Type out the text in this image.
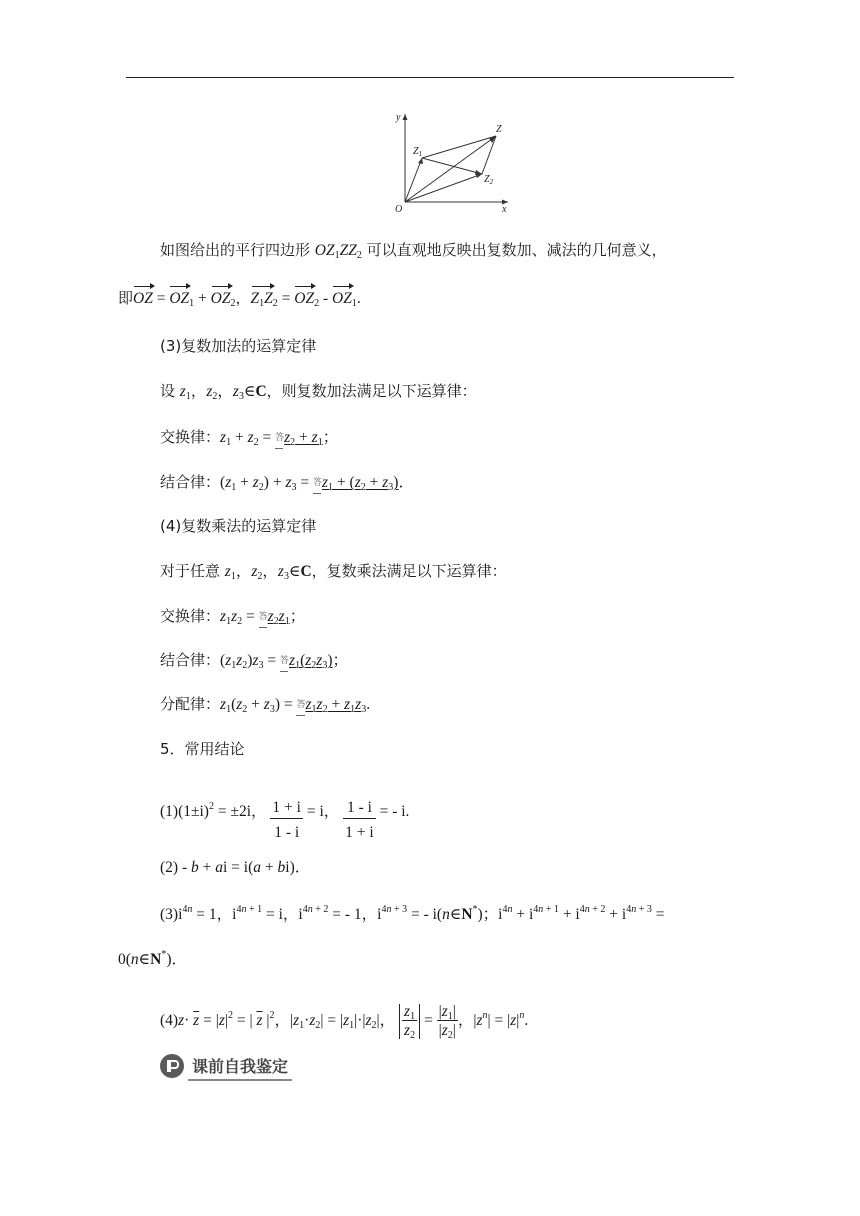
y
x
O
Z
$Z_1$
$Z_2$
如图给出的平行四边形 $OZ_1ZZ_2$ 可以直观地反映出复数加、减法的几何意义，
即OZ = $OZ_1 + OZ_2$，$Z_1Z_2 = OZ_2 - OZ_1$.
(3)复数加法的运算定律
设 $z_1$，$z_2$，$z_3\in C$，则复数加法满足以下运算律：
交换律：$z_1 + z_2$ = 答$z_2 + z_1$；
结合律：$(z_1 + z_2) + z_3$ = 答$z_1 + (z_2 + z_3)$．
(4)复数乘法的运算定律
对于任意 $z_1$，$z_2$，$z_3\in C$，复数乘法满足以下运算律：
交换律：$z_1z_2$ = 答$z_2z_1$；
结合律：$(z_1z_2)z_3$ = 答$z_1(z_2z_3)$；
分配律：$z_1(z_2 + z_3)$ = 答$z_1z_2 + z_1z_3$.
5．常用结论
$(1)(1\pm i)^2 = \pm 2i$， $\frac{1 + i}{1 - i} = i$， $\frac{1 - i}{1 + i}$ = - i.
(2) - b + ai = i(a + bi)．
$(3)i^{4n} = 1$，$i^{4n + 1} = i$，$i^{4n + 2}$ = - 1，$i^{4n + 3}$ = - i(n∈N*)；$i^{4n} + i^{4n + 1} + i^{4n + 2} + i^{4n + 3}$ =
0(n∈N*)．
$(4)z\cdot \overline{z} = |z|^2$ = | $\overline{z}$ $|^2$，$|z_1\cdot z_2| = |z_1|\cdot|z_2|$， $\frac{z_1}{z_2} = \frac{|z_1|}{|z_2|}$ ，$|z^n| = |z|^n$.
课前自我鉴定
